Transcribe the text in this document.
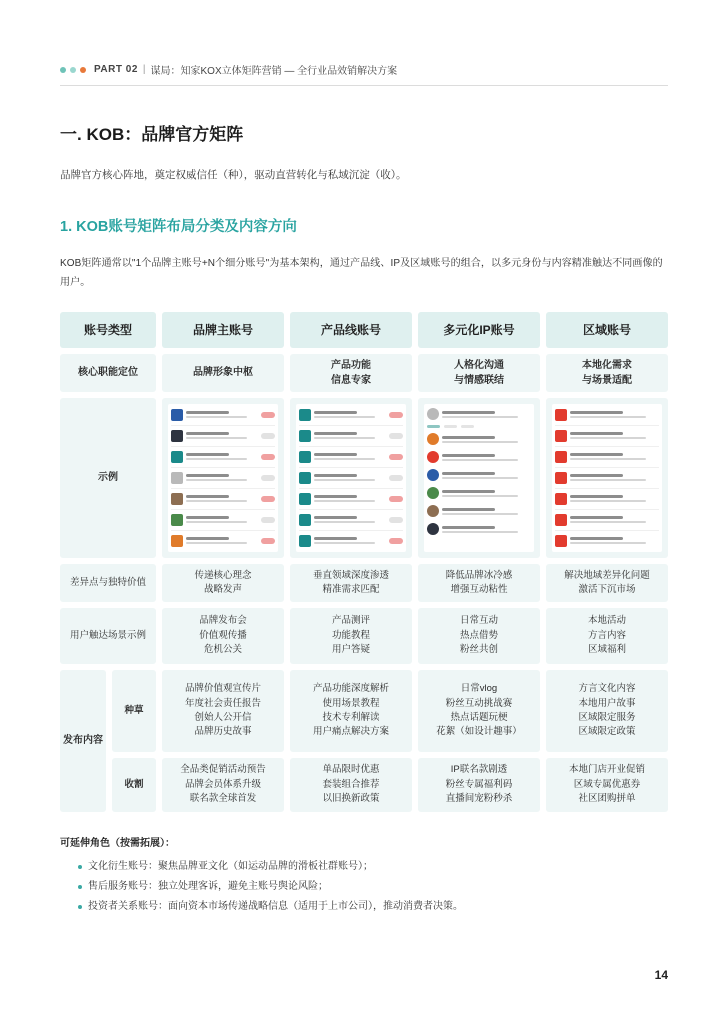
PART 02 | 谋局：知家KOX立体矩阵营销 — 全行业品效销解决方案
一. KOB：品牌官方矩阵

品牌官方核心阵地，奠定权威信任（种），驱动直营转化与私域沉淀（收）。

1. KOB账号矩阵布局分类及内容方向

KOB矩阵通常以"1个品牌主账号+N个细分账号"为基本架构，通过产品线、IP及区域账号的组合，以多元身份与内容精准触达不同画像的用户。

账号类型
核心职能定位
示例
差异点与独特价值
用户触达场景示例
发布内容
种草
收割
品牌主账号
品牌形象中枢
传递核心理念
战略发声
品牌发布会
价值观传播
危机公关
品牌价值观宣传片
年度社会责任报告
创始人公开信
品牌历史故事
全品类促销活动预告
品牌会员体系升级
联名款全球首发
产品线账号
产品功能
信息专家
垂直领域深度渗透
精准需求匹配
产品测评
功能教程
用户答疑
产品功能深度解析
使用场景教程
技术专利解读
用户痛点解决方案
单品限时优惠
套装组合推荐
以旧换新政策
多元化IP账号
人格化沟通
与情感联结
降低品牌冰冷感
增强互动粘性
日常互动
热点借势
粉丝共创
日常vlog
粉丝互动挑战赛
热点话题玩梗
花絮（如设计趣事）
IP联名款剧透
粉丝专属福利码
直播间宠粉秒杀
区域账号
本地化需求
与场景适配
解决地域差异化问题
激活下沉市场
本地活动
方言内容
区域福利
方言文化内容
本地用户故事
区域限定服务
区域限定政策
本地门店开业促销
区域专属优惠券
社区团购拼单

可延伸角色（按需拓展）：

文化衍生账号：聚焦品牌亚文化（如运动品牌的滑板社群账号）；
售后服务账号：独立处理客诉，避免主账号舆论风险；
投资者关系账号：面向资本市场传递战略信息（适用于上市公司），推动消费者决策。
14
